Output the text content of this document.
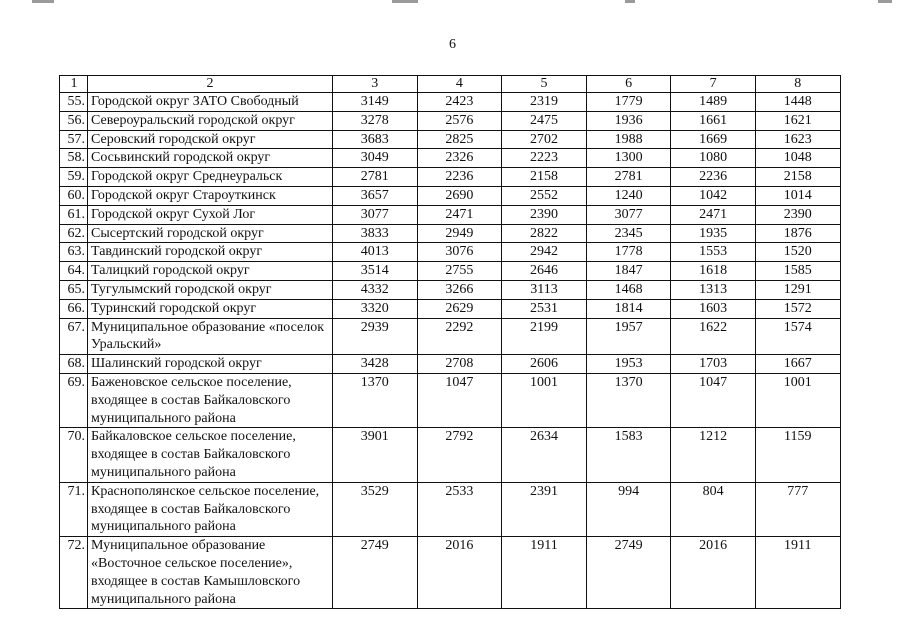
6
1	2	3	4	5	6	7	8
55.	Городской округ ЗАТО Свободный	3149	2423	2319	1779	1489	1448
56.	Североуральский городской округ	3278	2576	2475	1936	1661	1621
57.	Серовский городской округ	3683	2825	2702	1988	1669	1623
58.	Сосьвинский городской округ	3049	2326	2223	1300	1080	1048
59.	Городской округ Среднеуральск	2781	2236	2158	2781	2236	2158
60.	Городской округ Староуткинск	3657	2690	2552	1240	1042	1014
61.	Городской округ Сухой Лог	3077	2471	2390	3077	2471	2390
62.	Сысертский городской округ	3833	2949	2822	2345	1935	1876
63.	Тавдинский городской округ	4013	3076	2942	1778	1553	1520
64.	Талицкий городской округ	3514	2755	2646	1847	1618	1585
65.	Тугулымский городской округ	4332	3266	3113	1468	1313	1291
66.	Туринский городской округ	3320	2629	2531	1814	1603	1572
67.	Муниципальное образование «поселок Уральский»	2939	2292	2199	1957	1622	1574
68.	Шалинский городской округ	3428	2708	2606	1953	1703	1667
69.	Баженовское сельское поселение, входящее в состав Байкаловского муниципального района	1370	1047	1001	1370	1047	1001
70.	Байкаловское сельское поселение, входящее в состав Байкаловского муниципального района	3901	2792	2634	1583	1212	1159
71.	Краснополянское сельское поселение, входящее в состав Байкаловского муниципального района	3529	2533	2391	994	804	777
72.	Муниципальное образование «Восточное сельское поселение», входящее в состав Камышловского муниципального района	2749	2016	1911	2749	2016	1911
